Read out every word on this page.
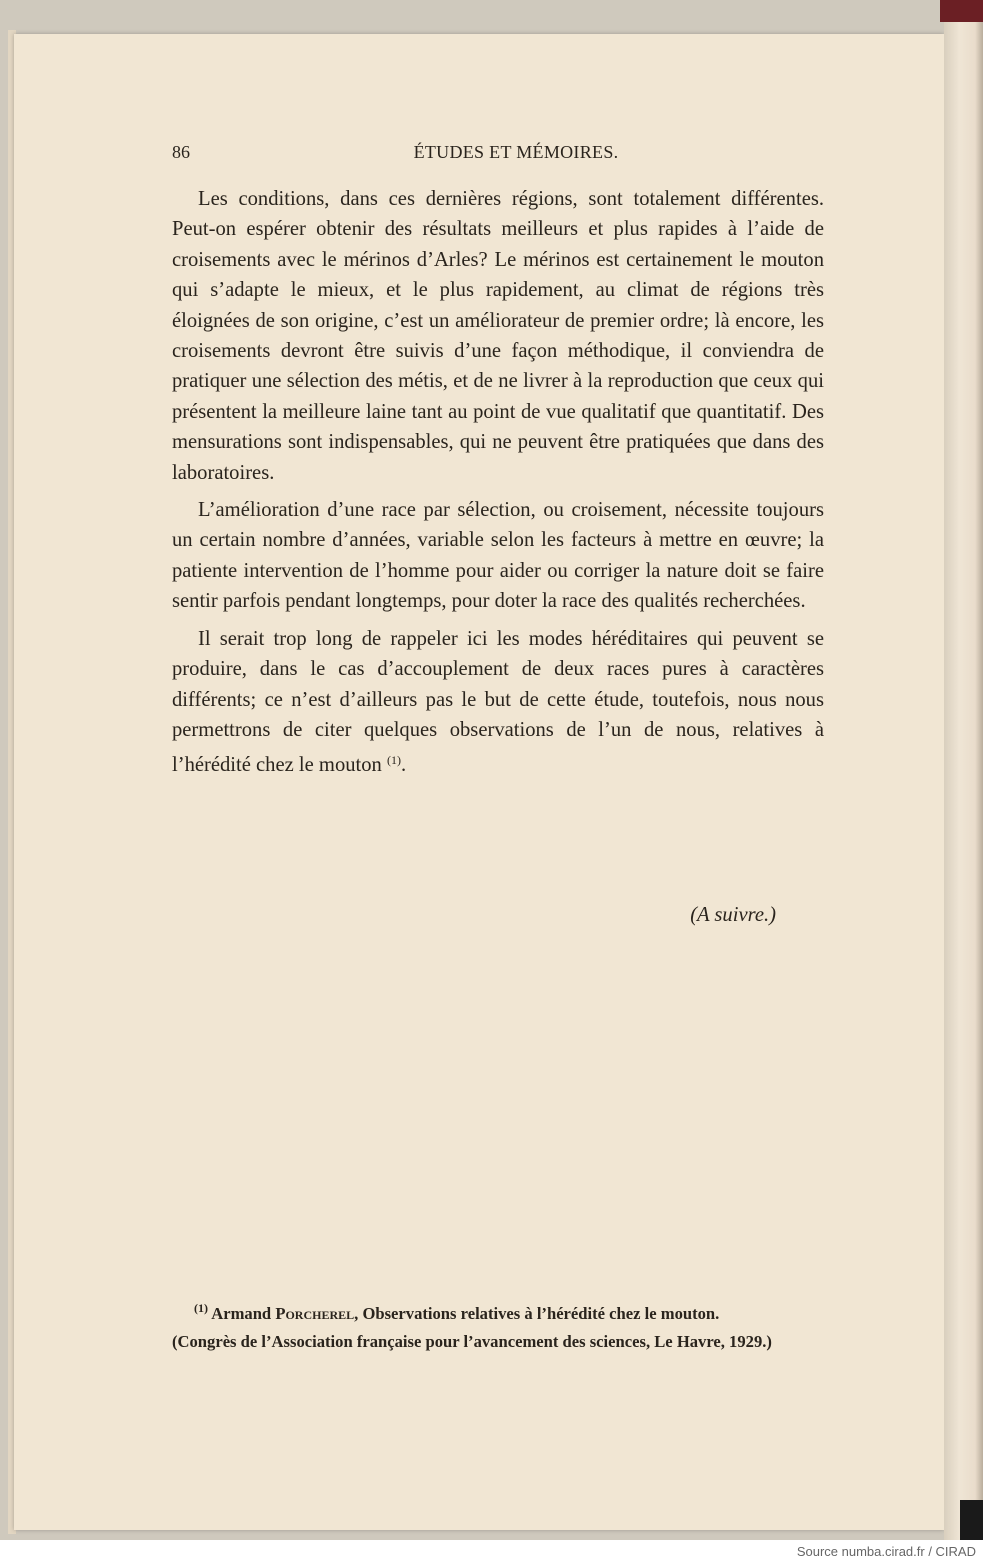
86	ÉTUDES ET MÉMOIRES.

Les conditions, dans ces dernières régions, sont totalement différentes. Peut-on espérer obtenir des résultats meilleurs et plus rapides à l’aide de croisements avec le mérinos d’Arles? Le mérinos est certainement le mouton qui s’adapte le mieux, et le plus rapidement, au climat de régions très éloignées de son origine, c’est un améliorateur de premier ordre; là encore, les croisements devront être suivis d’une façon méthodique, il conviendra de pratiquer une sélection des métis, et de ne livrer à la reproduction que ceux qui présentent la meilleure laine tant au point de vue qualitatif que quantitatif. Des mensurations sont indispensables, qui ne peuvent être pratiquées que dans des laboratoires.

L’amélioration d’une race par sélection, ou croisement, nécessite toujours un certain nombre d’années, variable selon les facteurs à mettre en œuvre; la patiente intervention de l’homme pour aider ou corriger la nature doit se faire sentir parfois pendant longtemps, pour doter la race des qualités recherchées.

Il serait trop long de rappeler ici les modes héréditaires qui peuvent se produire, dans le cas d’accouplement de deux races pures à caractères différents; ce n’est d’ailleurs pas le but de cette étude, toutefois, nous nous permettrons de citer quelques observations de l’un de nous, relatives à l’hérédité chez le mouton $^{(1)}$.

(A suivre.)
$^{(1)}$ Armand Porcherel, Observations relatives à l’hérédité chez le mouton.
(Congrès de l’Association française pour l’avancement des sciences, Le Havre, 1929.)
Source numba.cirad.fr / CIRAD
